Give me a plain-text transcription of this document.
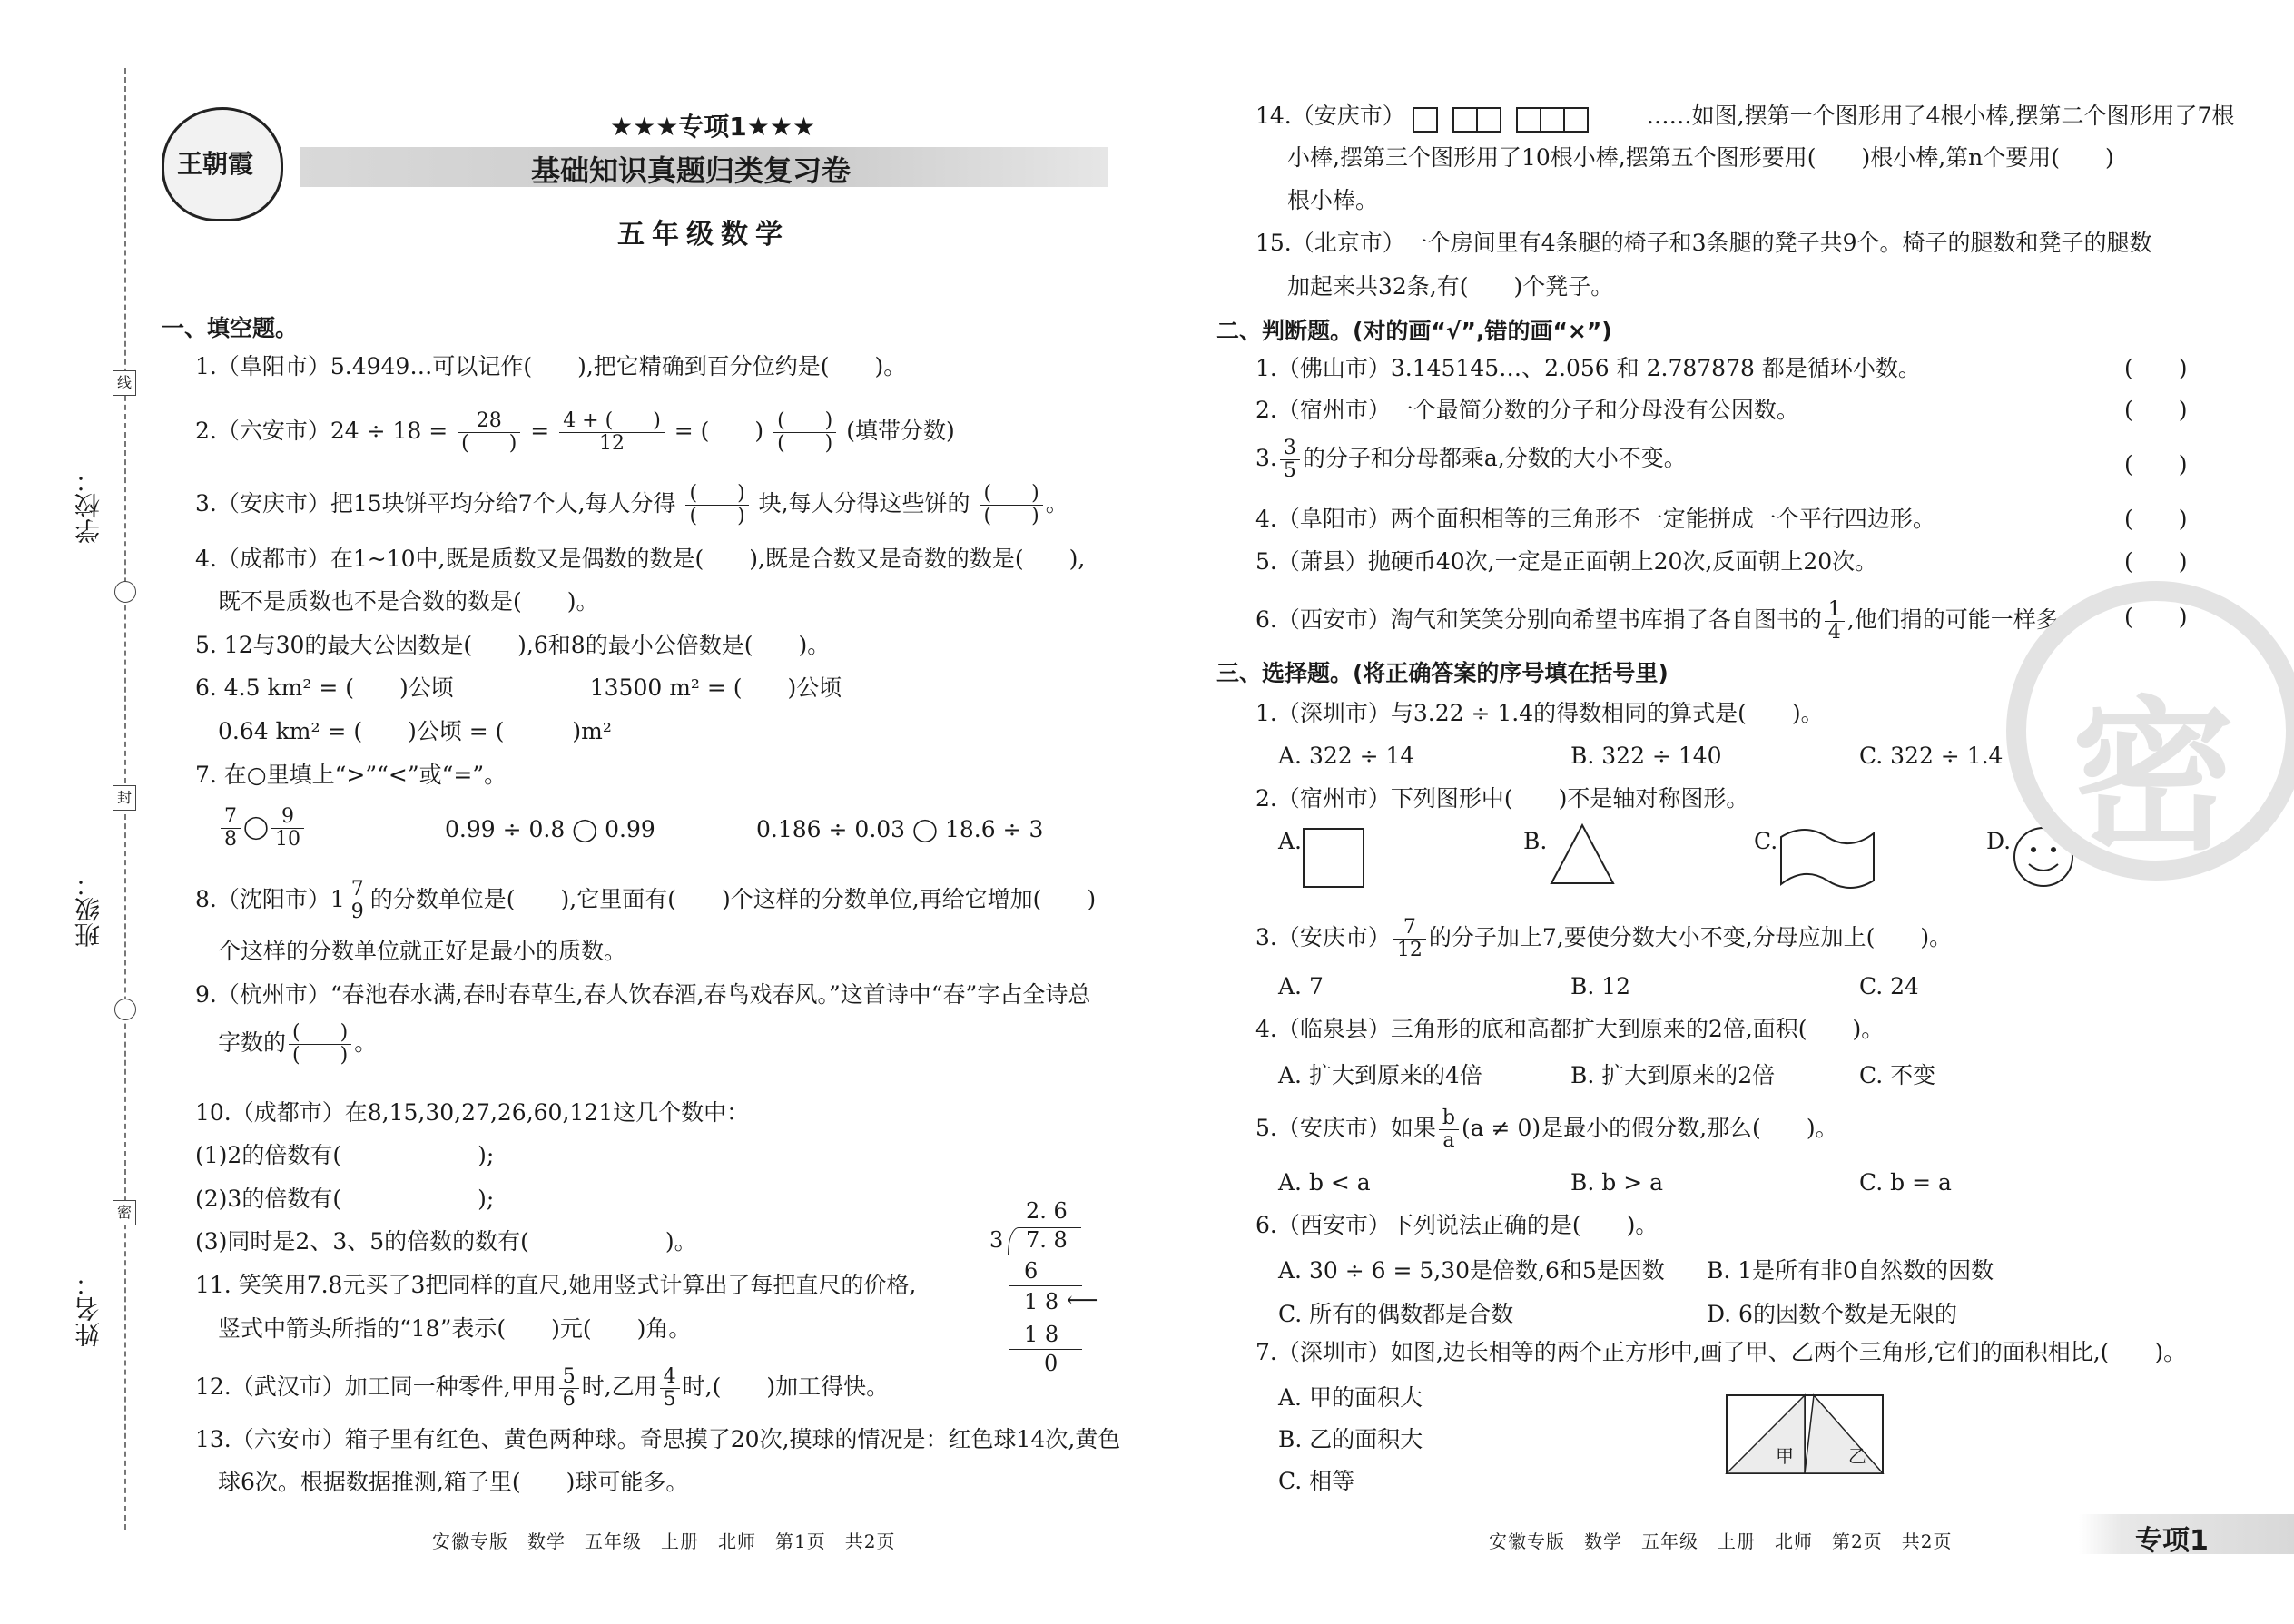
线
封
密
学校：
班级：
姓名：
王朝霞
★★★专项1★★★
基础知识真题归类复习卷
五年级数学
一、填空题。
1.（阜阳市）5.4949…可以记作(　　),把它精确到百分位约是(　　)。
2.（六安市）$24 \div 18 = \frac{28}{( )} = \frac{4 + ( )}{12}$ = (　　) $\frac{( )}{( )}$ (填带分数)
3.（安庆市）把15块饼平均分给7个人,每人分得 $\frac{( )}{( )}$ 块,每人分得这些饼的 $\frac{( )}{( )}$ 。
4.（成都市）在1~10中,既是质数又是偶数的数是(　　),既是合数又是奇数的数是(　　),
既不是质数也不是合数的数是(　　)。
5. 12与30的最大公因数是(　　),6和8的最小公倍数是(　　)。
6. 4.5 km² = (　　)公顷　　　　　　13500 m² = (　　)公顷
0.64 km² = (　　)公顷 = (　　　)m²
7. 在○里填上“>”“<”或“=”。
$\frac{7}{8}$ ◯ $\frac{9}{10}$	0.99 ÷ 0.8 ◯ 0.99	0.186 ÷ 0.03 ◯ 18.6 ÷ 3
8.（沈阳市）$1 \frac{7}{9}$ 的分数单位是(　　),它里面有(　　)个这样的分数单位,再给它增加(　　)
个这样的分数单位就正好是最小的质数。
9.（杭州市）“春池春水满,春时春草生,春人饮春酒,春鸟戏春风。”这首诗中“春”字占全诗总
字数的 $\frac{( )}{( )}$ 。
10.（成都市）在8,15,30,27,26,60,121这几个数中：
(1)2的倍数有(　　　　　　);
(2)3的倍数有(　　　　　　);
(3)同时是2、3、5的倍数的数有(　　　　　　)。
11. 笑笑用7.8元买了3把同样的直尺,她用竖式计算出了每把直尺的价格,
竖式中箭头所指的“18”表示(　　)元(　　)角。
2. 6
3 7. 8
6
1 8 ⟵
1 8
0
12.（武汉市）加工同一种零件,甲用 $\frac{5}{6}$ 时,乙用 $\frac{4}{5}$ 时,(　　)加工得快。
13.（六安市）箱子里有红色、黄色两种球。奇思摸了20次,摸球的情况是：红色球14次,黄色
球6次。根据数据推测,箱子里(　　)球可能多。
安徽专版　数学　五年级　上册　北师　第1页　共2页
14.（安庆市）	……如图,摆第一个图形用了4根小棒,摆第二个图形用了7根
小棒,摆第三个图形用了10根小棒,摆第五个图形要用(　　)根小棒,第n个要用(　　)
根小棒。
15.（北京市）一个房间里有4条腿的椅子和3条腿的凳子共9个。椅子的腿数和凳子的腿数
加起来共32条,有(　　)个凳子。
二、判断题。(对的画“√”,错的画“×”)
1.（佛山市）3.145145…、2.056 和 2.787878 都是循环小数。	(　　)
2.（宿州市）一个最简分数的分子和分母没有公因数。	(　　)
3. $\frac{3}{5}$ 的分子和分母都乘a,分数的大小不变。	(　　)
4.（阜阳市）两个面积相等的三角形不一定能拼成一个平行四边形。	(　　)
5.（萧县）抛硬币40次,一定是正面朝上20次,反面朝上20次。	(　　)
6.（西安市）淘气和笑笑分别向希望书库捐了各自图书的 $\frac{1}{4}$ ,他们捐的可能一样多。 (　　)
三、选择题。(将正确答案的序号填在括号里)
1.（深圳市）与3.22 ÷ 1.4的得数相同的算式是(　　)。
A. 322 ÷ 14	B. 322 ÷ 140	C. 322 ÷ 1.4
2.（宿州市）下列图形中(　　)不是轴对称图形。
A.	B.	C.	D.
3.（安庆市） $\frac{7}{12}$ 的分子加上7,要使分数大小不变,分母应加上(　　)。
A. 7	B. 12	C. 24
4.（临泉县）三角形的底和高都扩大到原来的2倍,面积(　　)。
A. 扩大到原来的4倍	B. 扩大到原来的2倍	C. 不变
5.（安庆市）如果 $\frac{b}{a} (a \ne 0)$是最小的假分数,那么(　　)。
A. b < a	B. b > a	C. b = a
6.（西安市）下列说法正确的是(　　)。
A. 30 ÷ 6 = 5,30是倍数,6和5是因数 B. 1是所有非0自然数的因数
C. 所有的偶数都是合数	D. 6的因数个数是无限的
7.（深圳市）如图,边长相等的两个正方形中,画了甲、乙两个三角形,它们的面积相比,(　　)。
A. 甲的面积大
B. 乙的面积大
C. 相等
甲	乙
密
安徽专版　数学　五年级　上册　北师　第2页　共2页	专项1
